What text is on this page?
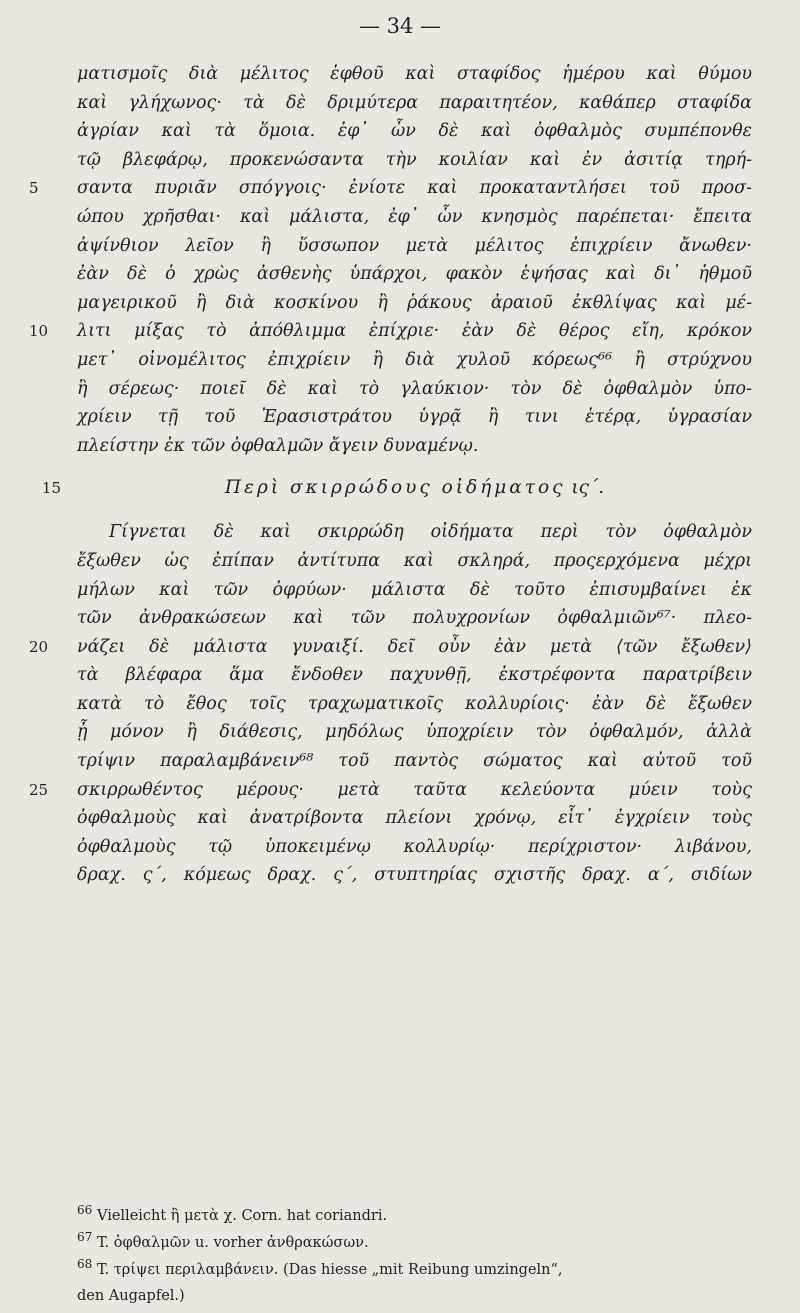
— 34 —
ματισμοῖς διὰ μέλιτος ἑφθοῦ καὶ σταφίδος ἡμέρου καὶ θύμου
καὶ γλήχωνος· τὰ δὲ δριμύτερα παραιτητέον, καθάπερ σταφίδα
ἀγρίαν καὶ τὰ ὅμοια. ἐφ᾽ ὧν δὲ καὶ ὀφθαλμὸς συμπέπονθε
τῷ βλεφάρῳ, προκενώσαντα τὴν κοιλίαν καὶ ἐν ἀσιτίᾳ τηρή-
5	σαντα πυριᾶν σπόγγοις· ἐνίοτε καὶ προκαταντλήσει τοῦ προσ-
ώπου χρῆσθαι· καὶ μάλιστα, ἐφ᾽ ὧν κνησμὸς παρέπεται· ἔπειτα
ἀψίνθιον λεῖον ἢ ὕσσωπον μετὰ μέλιτος ἐπιχρίειν ἄνωθεν·
ἐὰν δὲ ὁ χρὼς ἀσθενὴς ὑπάρχοι, φακὸν ἑψήσας καὶ δι᾽ ἠθμοῦ
μαγειρικοῦ ἢ διὰ κοσκίνου ἢ ῥάκους ἀραιοῦ ἐκθλίψας καὶ μέ-
10	λιτι μίξας τὸ ἀπόθλιμμα ἐπίχριε· ἐὰν δὲ θέρος εἴη, κρόκον
μετ᾽ οἰνομέλιτος ἐπιχρίειν ἢ διὰ χυλοῦ κόρεως⁶⁶ ἢ στρύχνου
ἢ σέρεως· ποιεῖ δὲ καὶ τὸ γλαύκιον· τὸν δὲ ὀφθαλμὸν ὑπο-
χρίειν τῇ τοῦ Ἐρασιστράτου ὑγρᾷ ἢ τινι ἑτέρᾳ, ὑγρασίαν
πλείστην ἐκ τῶν ὀφθαλμῶν ἄγειν δυναμένῳ.
15	Περὶ σκιρρώδους οἰδήματος ις΄.
Γίγνεται δὲ καὶ σκιρρώδη οἰδήματα περὶ τὸν ὀφθαλμὸν
ἔξωθεν ὡς ἐπίπαν ἀντίτυπα καὶ σκληρά, προςερχόμενα μέχρι
μήλων καὶ τῶν ὀφρύων· μάλιστα δὲ τοῦτο ἐπισυμβαίνει ἐκ
τῶν ἀνθρακώσεων καὶ τῶν πολυχρονίων ὀφθαλμιῶν⁶⁷· πλεο-
20	νάζει δὲ μάλιστα γυναιξί. δεῖ οὖν ἐὰν μετὰ ⟨τῶν ἔξωθεν⟩
τὰ βλέφαρα ἅμα ἔνδοθεν παχυνθῇ, ἐκστρέφοντα παρατρίβειν
κατὰ τὸ ἔθος τοῖς τραχωματικοῖς κολλυρίοις· ἐὰν δὲ ἔξωθεν
ᾖ μόνον ἢ διάθεσις, μηδόλως ὑποχρίειν τὸν ὀφθαλμόν, ἀλλὰ
τρίψιν παραλαμβάνειν⁶⁸ τοῦ παντὸς σώματος καὶ αὐτοῦ τοῦ
25	σκιρρωθέντος μέρους· μετὰ ταῦτα κελεύοντα μύειν τοὺς
ὀφθαλμοὺς καὶ ἀνατρίβοντα πλείονι χρόνῳ, εἶτ᾽ ἐγχρίειν τοὺς
ὀφθαλμοὺς τῷ ὑποκειμένῳ κολλυρίῳ· περίχριστον· λιβάνου,
δραχ. ς΄, κόμεως δραχ. ς΄, στυπτηρίας σχιστῆς δραχ. α΄, σιδίων
$^{66}$ Vielleicht ἢ μετὰ χ. Corn. hat coriandri.
$^{67}$ T. ὀφθαλμῶν u. vorher ἀνθρακώσων.
$^{68}$ T. τρίψει περιλαμβάνειν. (Das hiesse „mit Reibung umzingeln“,
den Augapfel.)
